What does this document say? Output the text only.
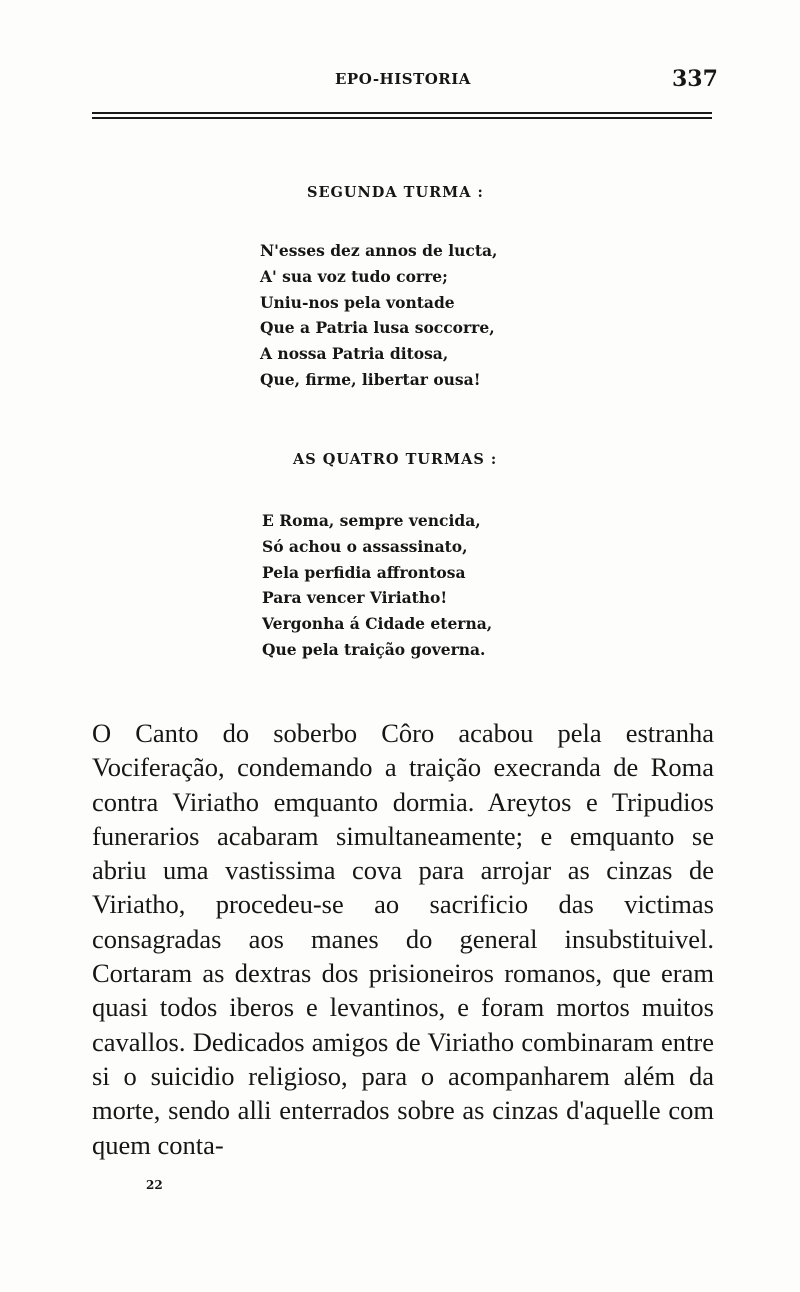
EPO-HISTORIA	337
SEGUNDA TURMA :
N'esses dez annos de lucta,
A' sua voz tudo corre;
Uniu-nos pela vontade
Que a Patria lusa soccorre,
A nossa Patria ditosa,
Que, firme, libertar ousa!
AS QUATRO TURMAS :
E Roma, sempre vencida,
Só achou o assassinato,
Pela perfidia affrontosa
Para vencer Viriatho!
Vergonha á Cidade eterna,
Que pela traição governa.

O Canto do soberbo Côro acabou pela estranha Vociferação, condemando a traição execranda de Roma contra Viriatho emquanto dormia. Areytos e Tripudios funerarios acabaram simultaneamente; e emquanto se abriu uma vastissima cova para arrojar as cinzas de Viriatho, procedeu-se ao sacrificio das victimas consagradas aos manes do general insubstituivel. Cortaram as dextras dos prisioneiros romanos, que eram quasi todos iberos e levantinos, e foram mortos muitos cavallos. Dedicados amigos de Viriatho combinaram entre si o suicidio religioso, para o acompanharem além da morte, sendo alli enterrados sobre as cinzas d'aquelle com quem conta-

22
